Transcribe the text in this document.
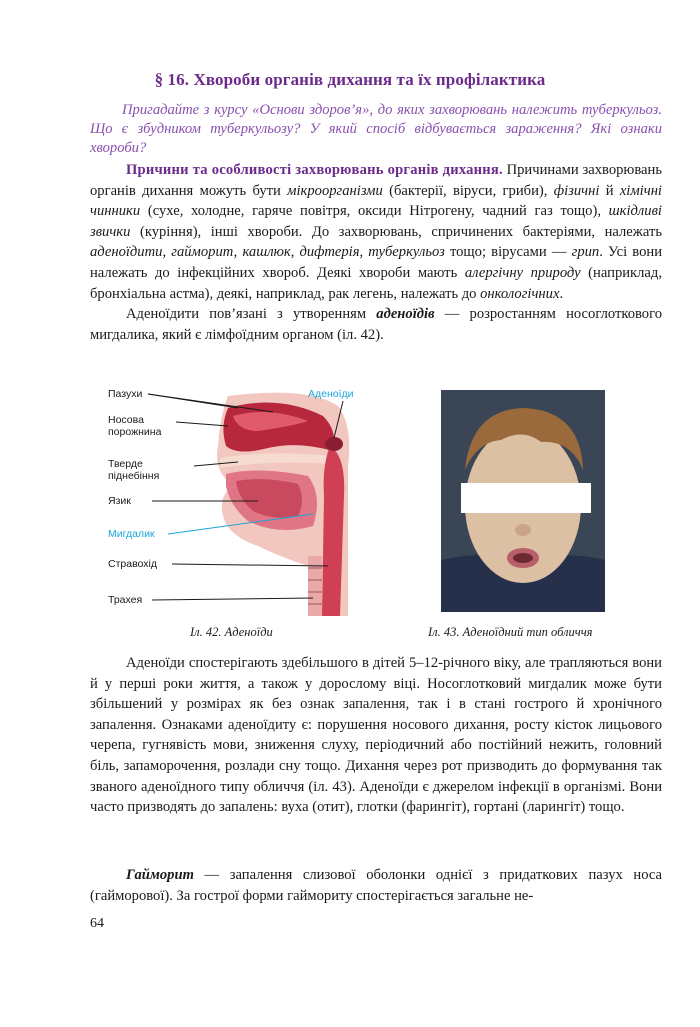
§ 16. Хвороби органів дихання та їх профілактика

Пригадайте з курсу «Основи здоров’я», до яких захворювань належить туберкульоз. Що є збудником туберкульозу? У який спосіб відбувається зараження? Які ознаки хвороби?

Причини та особливості захворювань органів дихання. Причинами захворювань органів дихання можуть бути мікроорганізми (бактерії, віруси, гриби), фізичні й хімічні чинники (сухе, холодне, гаряче повітря, оксиди Нітрогену, чадний газ тощо), шкідливі звички (куріння), інші хвороби. До захворювань, спричинених бактеріями, належать аденоїдити, гайморит, кашлюк, дифтерія, туберкульоз тощо; вірусами — грип. Усі вони належать до інфекційних хвороб. Деякі хвороби мають алергічну природу (наприклад, бронхіальна астма), деякі, наприклад, рак легень, належать до онкологічних.

Аденоїдити пов’язані з утворенням аденоїдів — розростанням носоглоткового мигдалика, який є лімфоїдним органом (іл. 42).

Пазухи
Носова порожнина
Тверде піднебіння
Язик
Мигдалик
Стравохід
Трахея
Аденоїди
Іл. 42. Аденоїди	Іл. 43. Аденоїдний тип обличчя

Аденоїди спостерігають здебільшого в дітей 5–12-річного віку, але трапляються вони й у перші роки життя, а також у дорослому віці. Носоглотковий мигдалик може бути збільшений у розмірах як без ознак запалення, так і в стані гострого й хронічного запалення. Ознаками аденоїдиту є: порушення носового дихання, росту кісток лицьового черепа, гугнявість мови, зниження слуху, періодичний або постійний нежить, головний біль, запаморочення, розлади сну тощо. Дихання через рот призводить до формування так званого аденоїдного типу обличчя (іл. 43). Аденоїди є джерелом інфекції в організмі. Вони часто призводять до запалень: вуха (отит), глотки (фарингіт), гортані (ларингіт) тощо.

Гайморит — запалення слизової оболонки однієї з придаткових пазух носа (гайморової). За гострої форми гаймориту спостерігається загальне не-

64
